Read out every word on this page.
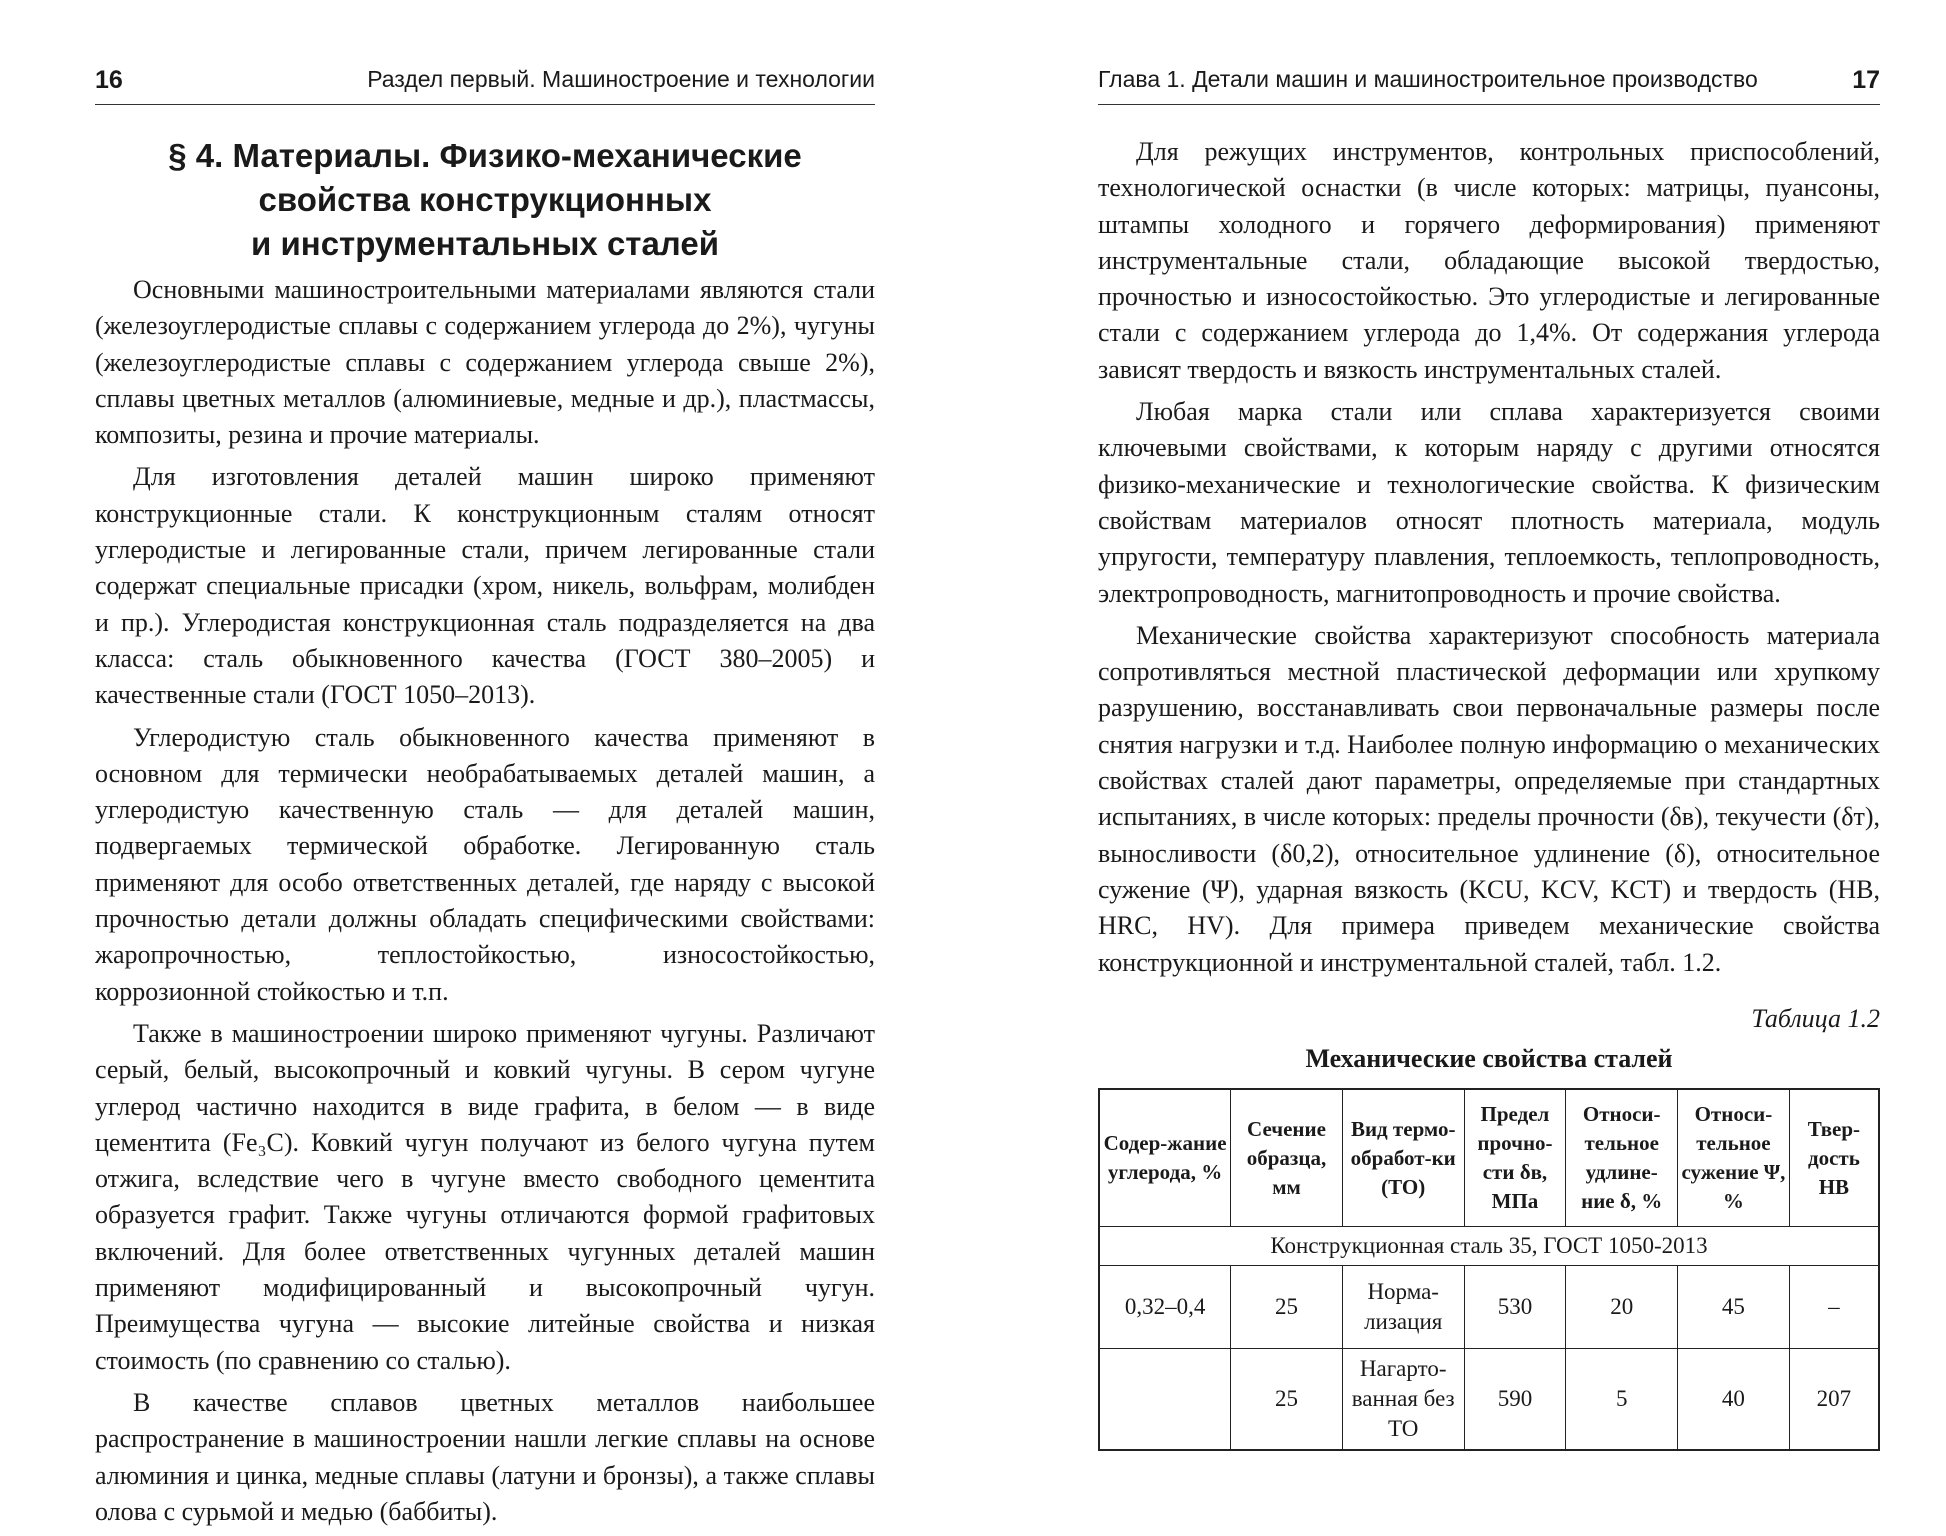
16	Раздел первый. Машиностроение и технологии
§ 4. Материалы. Физико-механические
свойства конструкционных
и инструментальных сталей

Основными машиностроительными материалами являются стали (железоуглеродистые сплавы с содержанием углерода до 2%), чугуны (железоуглеродистые сплавы с содержанием углерода свыше 2%), сплавы цветных металлов (алюминиевые, медные и др.), пластмассы, композиты, резина и прочие материалы.

Для изготовления деталей машин широко применяют конструкционные стали. К конструкционным сталям относят углеродистые и легированные стали, причем легированные стали содержат специальные присадки (хром, никель, вольфрам, молибден и пр.). Углеродистая конструкционная сталь подразделяется на два класса: сталь обыкновенного качества (ГОСТ 380–2005) и качественные стали (ГОСТ 1050–2013).

Углеродистую сталь обыкновенного качества применяют в основном для термически необрабатываемых деталей машин, а углеродистую качественную сталь — для деталей машин, подвергаемых термической обработке. Легированную сталь применяют для особо ответственных деталей, где наряду с высокой прочностью детали должны обладать специфическими свойствами: жаропрочностью, теплостойкостью, износостойкостью, коррозионной стойкостью и т.п.

Также в машиностроении широко применяют чугуны. Различают серый, белый, высокопрочный и ковкий чугуны. В сером чугуне углерод частично находится в виде графита, в белом — в виде цементита (Fe₃C). Ковкий чугун получают из белого чугуна путем отжига, вследствие чего в чугуне вместо свободного цементита образуется графит. Также чугуны отличаются формой графитовых включений. Для более ответственных чугунных деталей машин применяют модифицированный и высокопрочный чугун. Преимущества чугуна — высокие литейные свойства и низкая стоимость (по сравнению со сталью).

В качестве сплавов цветных металлов наибольшее распространение в машиностроении нашли легкие сплавы на основе алюминия и цинка, медные сплавы (латуни и бронзы), а также сплавы олова с сурьмой и медью (баббиты).

Глава 1. Детали машин и машиностроительное производство	17

Для режущих инструментов, контрольных приспособлений, технологической оснастки (в числе которых: матрицы, пуансоны, штампы холодного и горячего деформирования) применяют инструментальные стали, обладающие высокой твердостью, прочностью и износостойкостью. Это углеродистые и легированные стали с содержанием углерода до 1,4%. От содержания углерода зависят твердость и вязкость инструментальных сталей.

Любая марка стали или сплава характеризуется своими ключевыми свойствами, к которым наряду с другими относятся физико-механические и технологические свойства. К физическим свойствам материалов относят плотность материала, модуль упругости, температуру плавления, теплоемкость, теплопроводность, электропроводность, магнитопроводность и прочие свойства.

Механические свойства характеризуют способность материала сопротивляться местной пластической деформации или хрупкому разрушению, восстанавливать свои первоначальные размеры после снятия нагрузки и т.д. Наиболее полную информацию о механических свойствах сталей дают параметры, определяемые при стандартных испытаниях, в числе которых: пределы прочности (δв), текучести (δт), выносливости (δ0,2), относительное удлинение (δ), относительное сужение (Ψ), ударная вязкость (KCU, KCV, KCT) и твердость (HB, HRC, HV). Для примера приведем механические свойства конструкционной и инструментальной сталей, табл. 1.2.

Таблица 1.2
Механические свойства сталей
Содер-жание углерода, %	Сечение образца, мм	Вид термо-обработ-ки (ТО)	Предел прочно-сти δв, МПа	Относи-тельное удлине-ние δ, %	Относи-тельное сужение Ψ, %	Твер-дость НВ
Конструкционная сталь 35, ГОСТ 1050-2013						
0,32–0,4	25	Норма-лизация	530	20	45	–
	25	Нагарто-ванная без ТО	590	5	40	207
